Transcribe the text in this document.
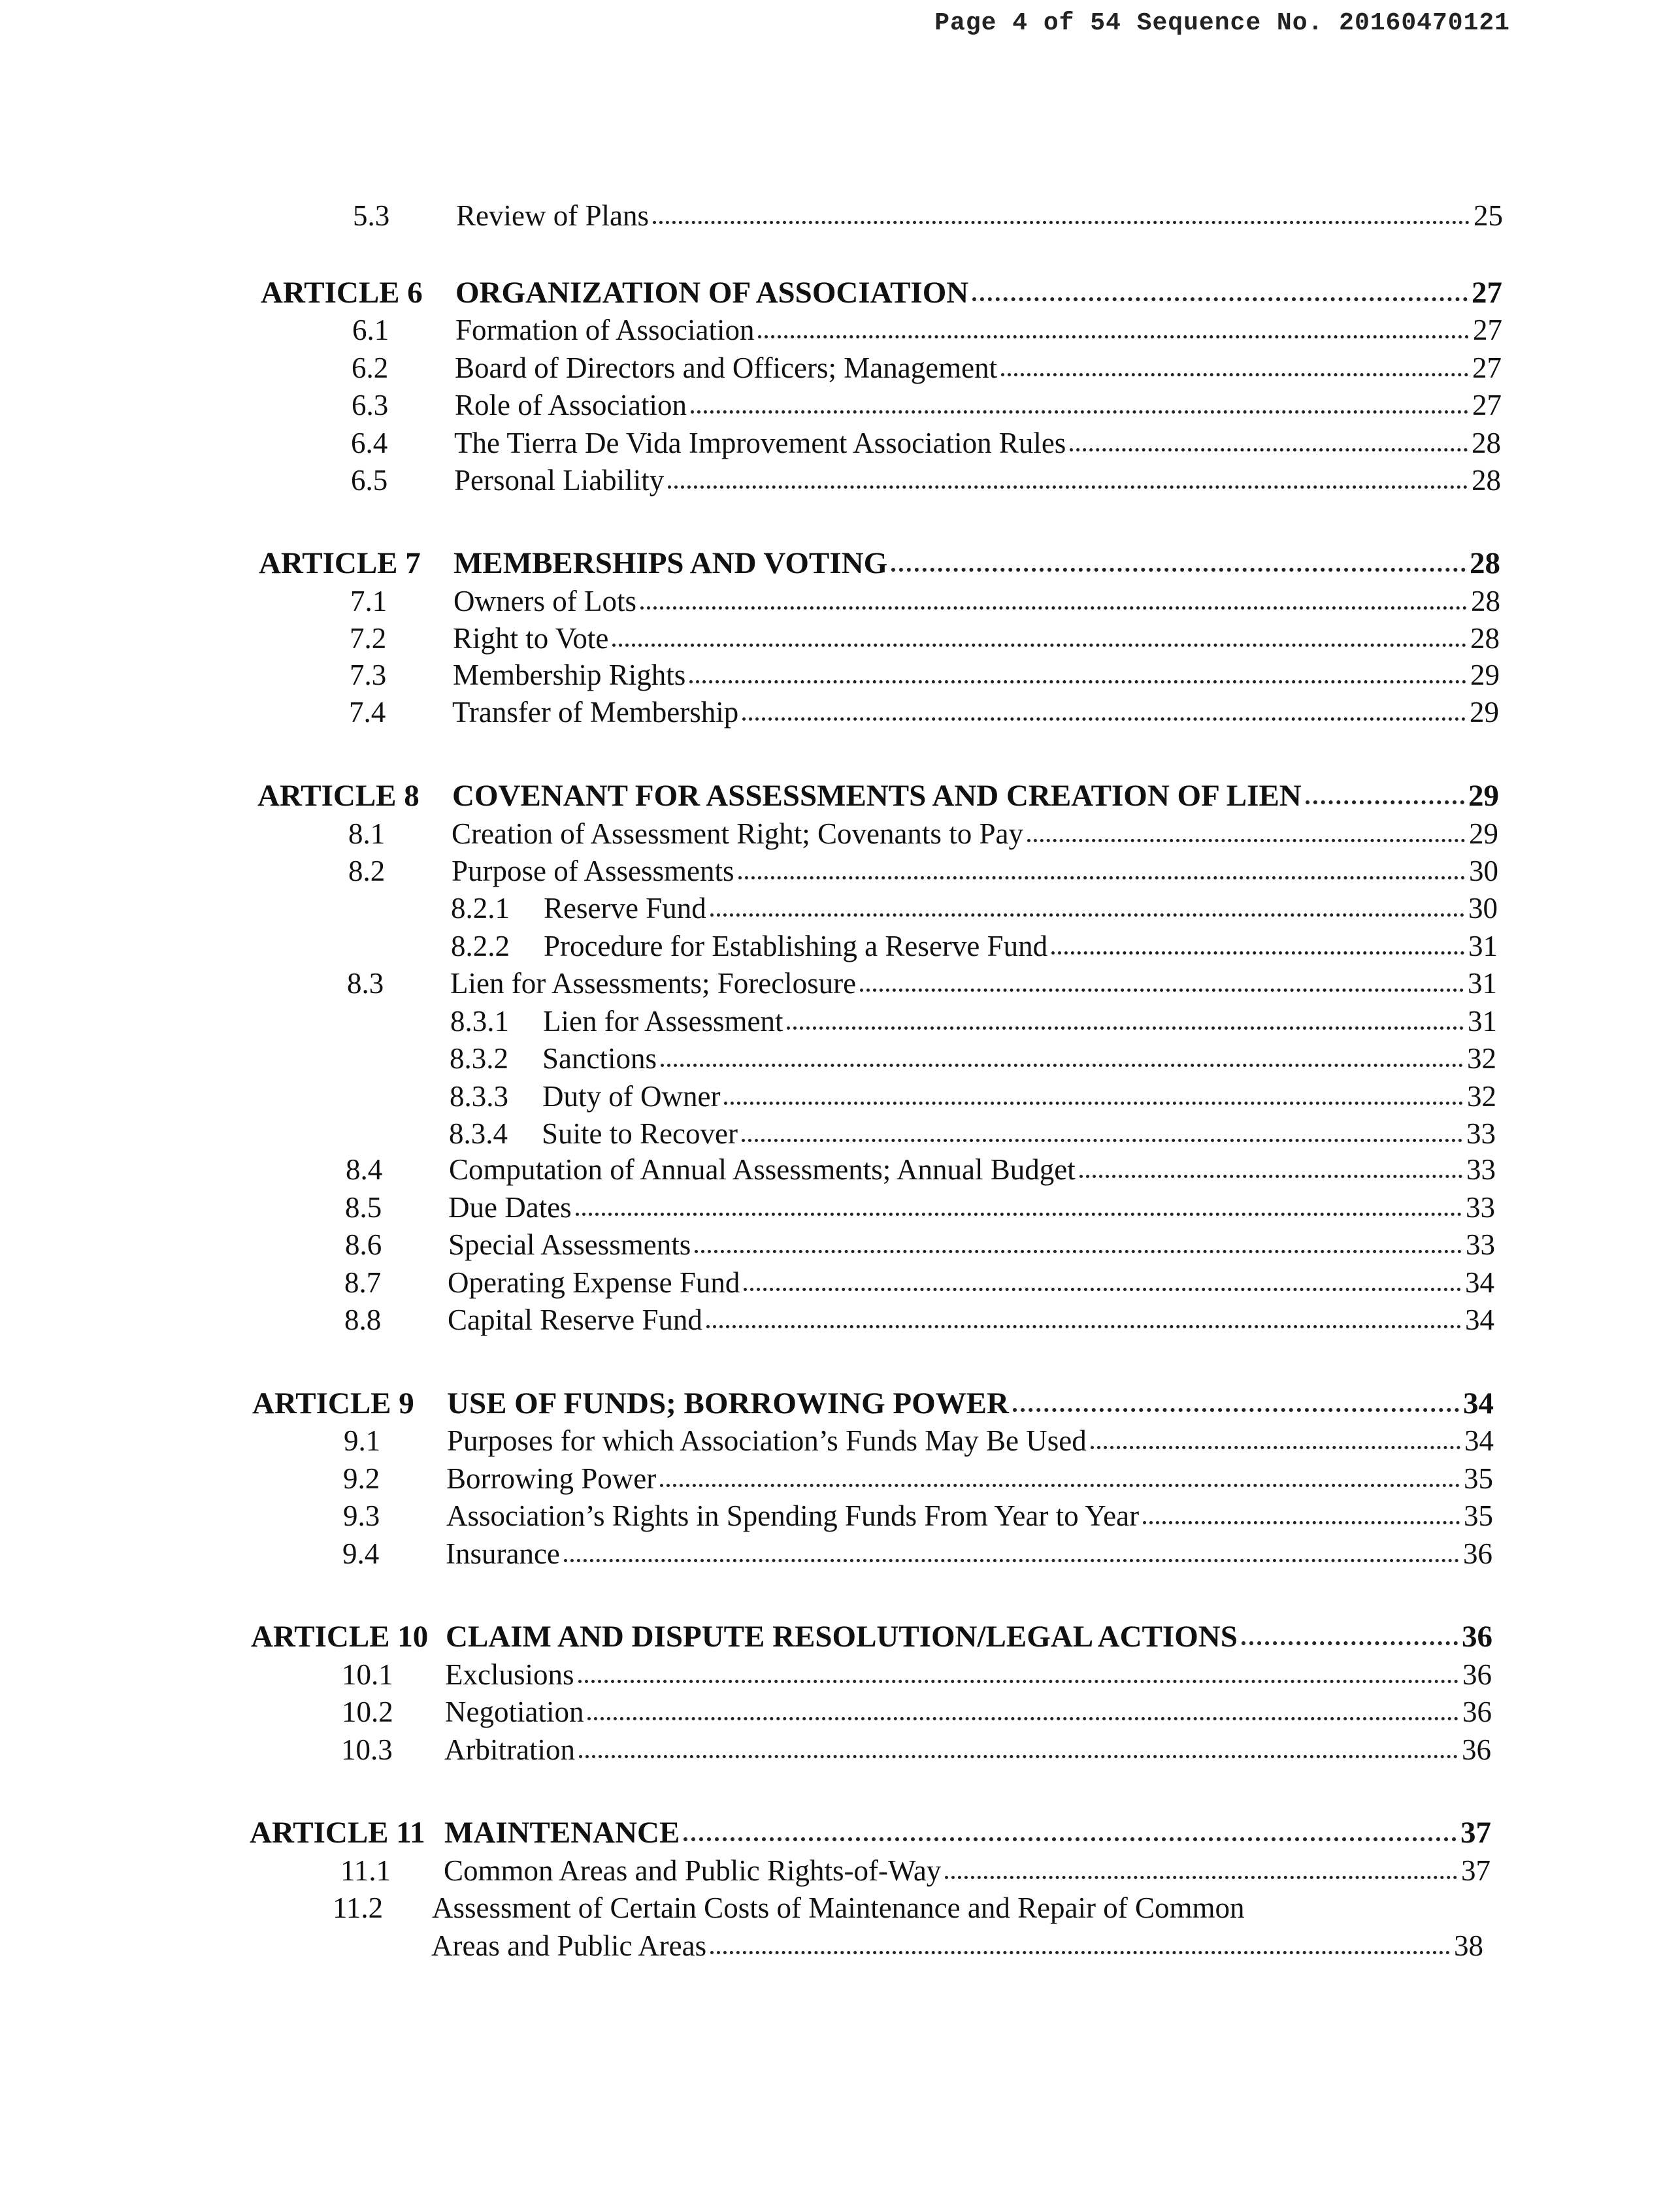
Page 4 of 54 Sequence No. 20160470121
5.3 Review of Plans	25
ARTICLE 6 ORGANIZATION OF ASSOCIATION	27
6.1 Formation of Association	27
6.2 Board of Directors and Officers; Management	27
6.3 Role of Association	27
6.4 The Tierra De Vida Improvement Association Rules	28
6.5 Personal Liability	28
ARTICLE 7 MEMBERSHIPS AND VOTING	28
7.1 Owners of Lots	28
7.2 Right to Vote	28
7.3 Membership Rights	29
7.4 Transfer of Membership	29
ARTICLE 8 COVENANT FOR ASSESSMENTS AND CREATION OF LIEN	29
8.1 Creation of Assessment Right; Covenants to Pay	29
8.2 Purpose of Assessments	30
8.2.1 Reserve Fund	30
8.2.2 Procedure for Establishing a Reserve Fund	31
8.3 Lien for Assessments; Foreclosure	31
8.3.1 Lien for Assessment	31
8.3.2 Sanctions	32
8.3.3 Duty of Owner	32
8.3.4 Suite to Recover	33
8.4 Computation of Annual Assessments; Annual Budget	33
8.5 Due Dates	33
8.6 Special Assessments	33
8.7 Operating Expense Fund	34
8.8 Capital Reserve Fund	34
ARTICLE 9 USE OF FUNDS; BORROWING POWER	34
9.1 Purposes for which Association’s Funds May Be Used	34
9.2 Borrowing Power	35
9.3 Association’s Rights in Spending Funds From Year to Year	35
9.4 Insurance	36
ARTICLE 10 CLAIM AND DISPUTE RESOLUTION/LEGAL ACTIONS	36
10.1 Exclusions	36
10.2 Negotiation	36
10.3 Arbitration	36
ARTICLE 11 MAINTENANCE	37
11.1 Common Areas and Public Rights-of-Way	37
11.2 Assessment of Certain Costs of Maintenance and Repair of Common
Areas and Public Areas	38
